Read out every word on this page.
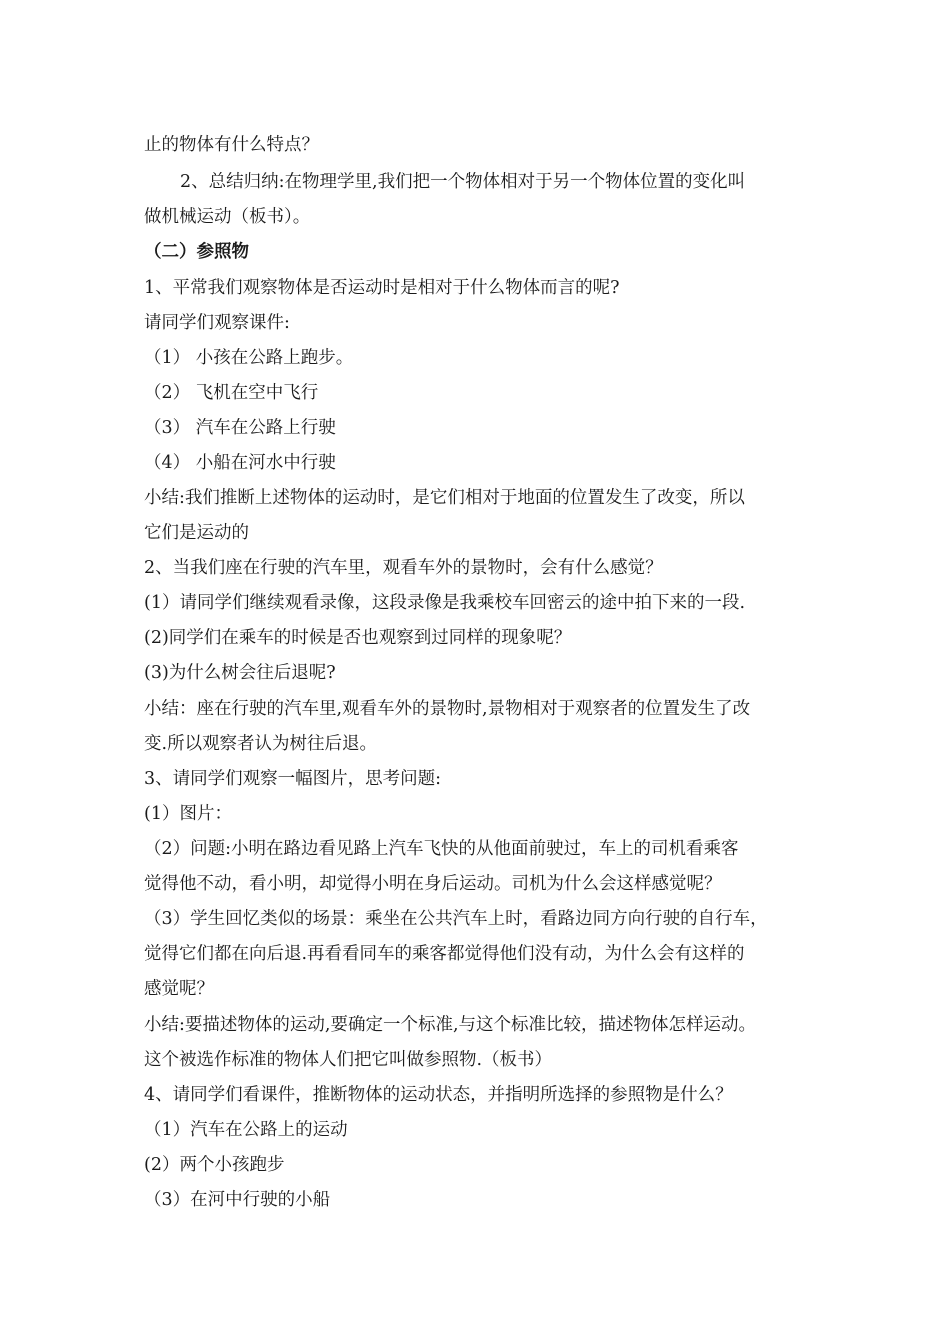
止的物体有什么特点？
2、总结归纳:在物理学里,我们把一个物体相对于另一个物体位置的变化叫
做机械运动（板书）。
（二）参照物
1、平常我们观察物体是否运动时是相对于什么物体而言的呢?
请同学们观察课件:
（1） 小孩在公路上跑步。
（2） 飞机在空中飞行
（3） 汽车在公路上行驶
（4） 小船在河水中行驶
小结:我们推断上述物体的运动时，是它们相对于地面的位置发生了改变，所以
它们是运动的
2、当我们座在行驶的汽车里，观看车外的景物时，会有什么感觉？
(1）请同学们继续观看录像，这段录像是我乘校车回密云的途中拍下来的一段.
(2)同学们在乘车的时候是否也观察到过同样的现象呢？
(3)为什么树会往后退呢?
小结：座在行驶的汽车里,观看车外的景物时,景物相对于观察者的位置发生了改
变.所以观察者认为树往后退。
3、请同学们观察一幅图片，思考问题:
(1）图片：
（2）问题:小明在路边看见路上汽车飞快的从他面前驶过，车上的司机看乘客
觉得他不动，看小明，却觉得小明在身后运动。司机为什么会这样感觉呢？
（3）学生回忆类似的场景：乘坐在公共汽车上时，看路边同方向行驶的自行车，
觉得它们都在向后退.再看看同车的乘客都觉得他们没有动，为什么会有这样的
感觉呢？
小结:要描述物体的运动,要确定一个标准,与这个标准比较，描述物体怎样运动。
这个被选作标准的物体人们把它叫做参照物.（板书）
4、请同学们看课件，推断物体的运动状态，并指明所选择的参照物是什么？
（1）汽车在公路上的运动
(2）两个小孩跑步
（3）在河中行驶的小船
